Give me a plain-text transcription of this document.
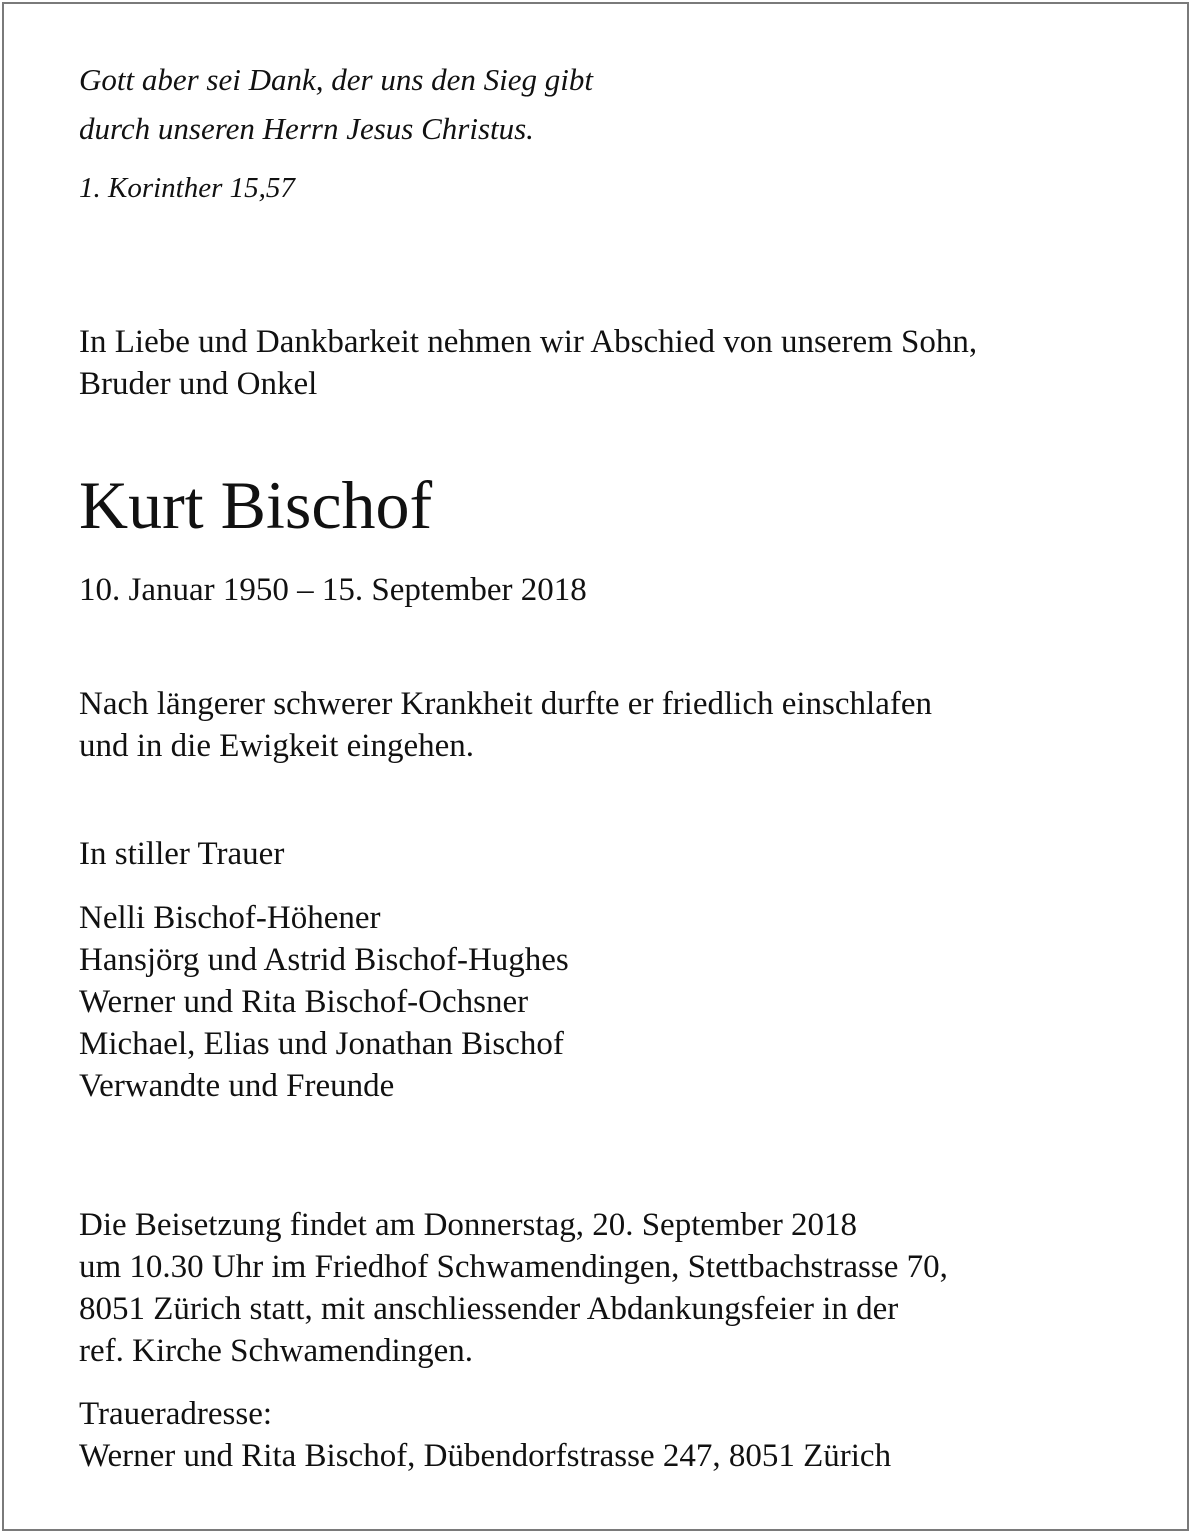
Gott aber sei Dank, der uns den Sieg gibt
durch unseren Herrn Jesus Christus.
1. Korinther 15,57
In Liebe und Dankbarkeit nehmen wir Abschied von unserem Sohn,
Bruder und Onkel
Kurt Bischof
10. Januar 1950 – 15. September 2018
Nach längerer schwerer Krankheit durfte er friedlich einschlafen
und in die Ewigkeit eingehen.
In stiller Trauer
Nelli Bischof-Höhener
Hansjörg und Astrid Bischof-Hughes
Werner und Rita Bischof-Ochsner
Michael, Elias und Jonathan Bischof
Verwandte und Freunde
Die Beisetzung findet am Donnerstag, 20. September 2018
um 10.30 Uhr im Friedhof Schwamendingen, Stettbachstrasse 70,
8051 Zürich statt, mit anschliessender Abdankungsfeier in der
ref. Kirche Schwamendingen.
Traueradresse:
Werner und Rita Bischof, Dübendorfstrasse 247, 8051 Zürich
